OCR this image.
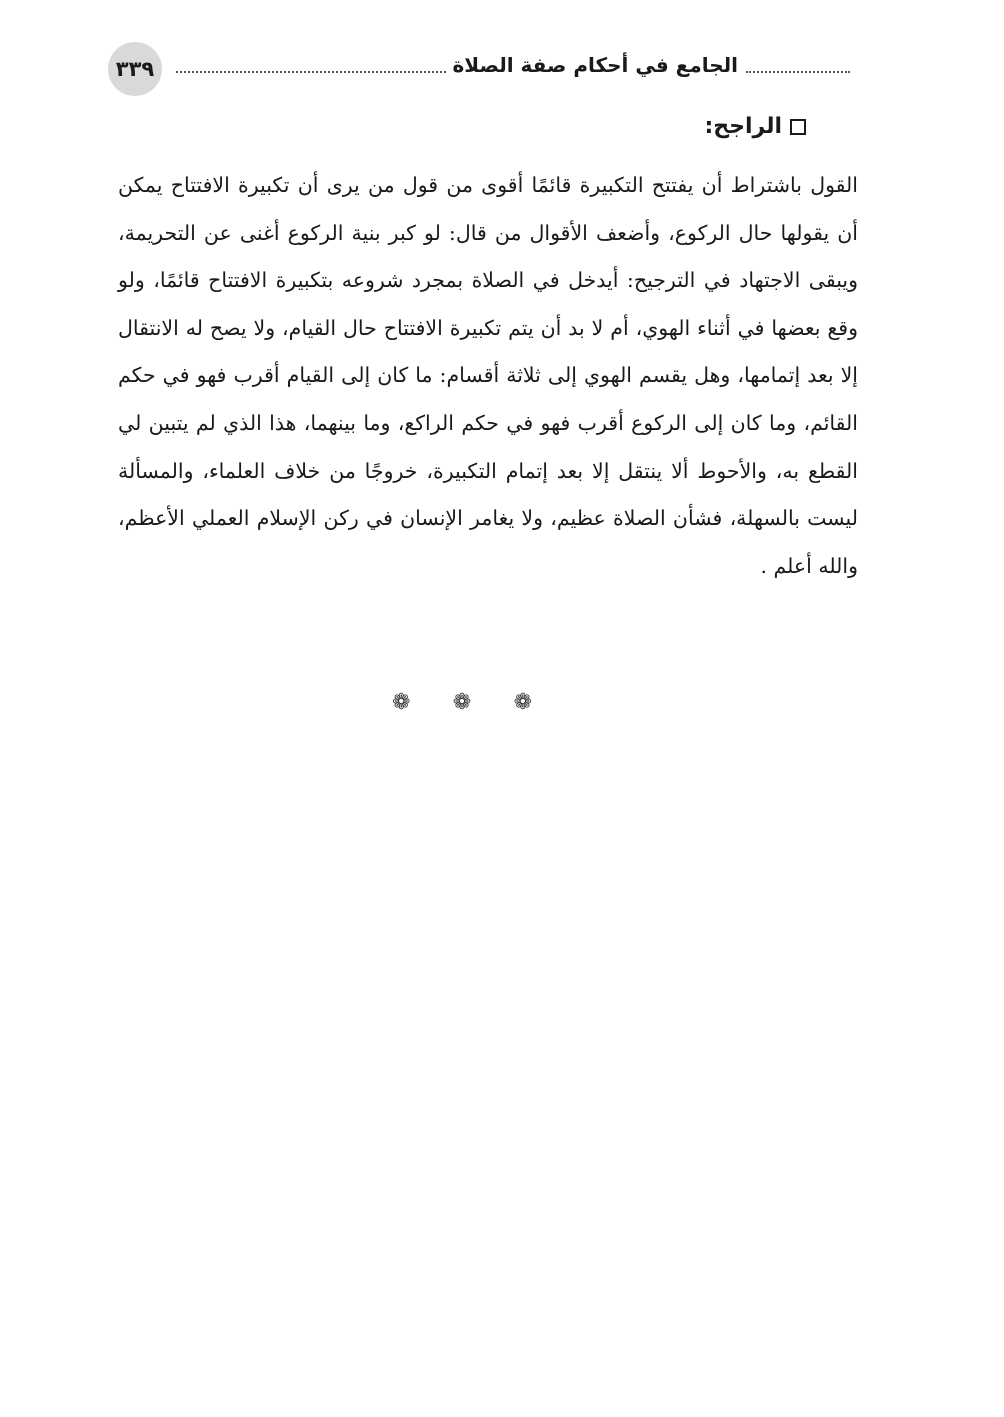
٣٣٩	الجامع في أحكام صفة الصلاة
الراجح:
القول باشتراط أن يفتتح التكبيرة قائمًا أقوى من قول من يرى أن تكبيرة الافتتاح يمكن أن يقولها حال الركوع، وأضعف الأقوال من قال: لو كبر بنية الركوع أغنى عن التحريمة، ويبقى الاجتهاد في الترجيح: أيدخل في الصلاة بمجرد شروعه بتكبيرة الافتتاح قائمًا، ولو وقع بعضها في أثناء الهوي، أم لا بد أن يتم تكبيرة الافتتاح حال القيام، ولا يصح له الانتقال إلا بعد إتمامها، وهل يقسم الهوي إلى ثلاثة أقسام: ما كان إلى القيام أقرب فهو في حكم القائم، وما كان إلى الركوع أقرب فهو في حكم الراكع، وما بينهما، هذا الذي لم يتبين لي القطع به، والأحوط ألا ينتقل إلا بعد إتمام التكبيرة، خروجًا من خلاف العلماء، والمسألة ليست بالسهلة، فشأن الصلاة عظيم، ولا يغامر الإنسان في ركن الإسلام العملي الأعظم، والله أعلم .
❁ ❁ ❁
